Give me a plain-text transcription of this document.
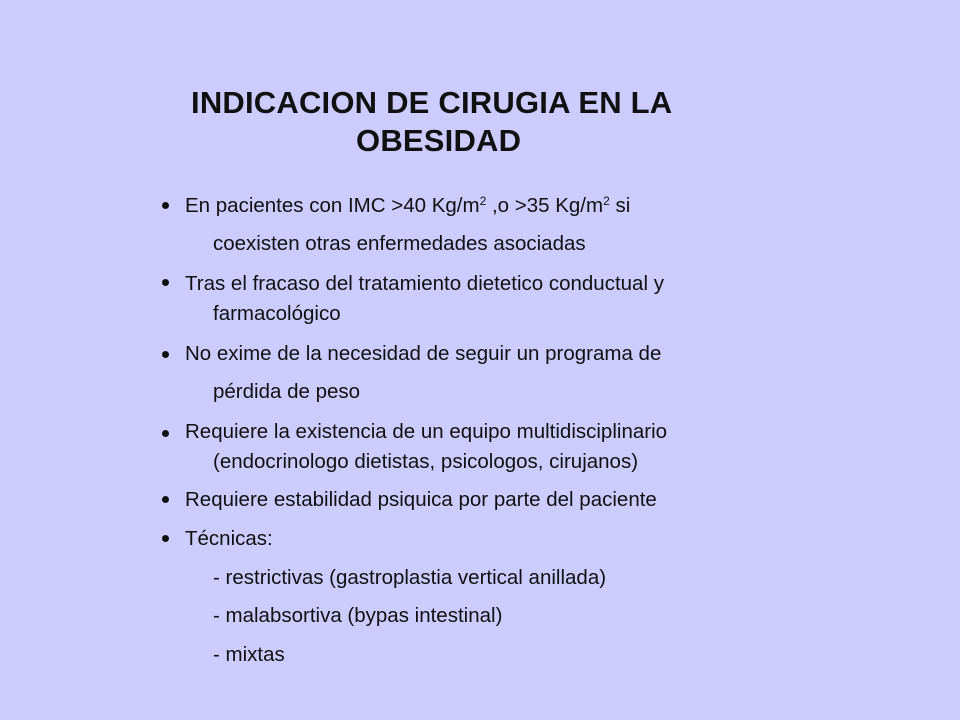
INDICACION DE CIRUGIA EN LA
OBESIDAD
En pacientes con IMC >40 $Kg/m^2$ ,o >35 $Kg/m^2$ si
coexisten otras enfermedades asociadas
Tras el fracaso del tratamiento dietetico conductual y
farmacológico
No exime de la necesidad de seguir un programa de
pérdida de peso
Requiere la existencia de un equipo multidisciplinario
(endocrinologo dietistas, psicologos, cirujanos)
Requiere estabilidad psiquica por parte del paciente
Técnicas:
- restrictivas (gastroplastia vertical anillada)
- malabsortiva (bypas intestinal)
- mixtas
